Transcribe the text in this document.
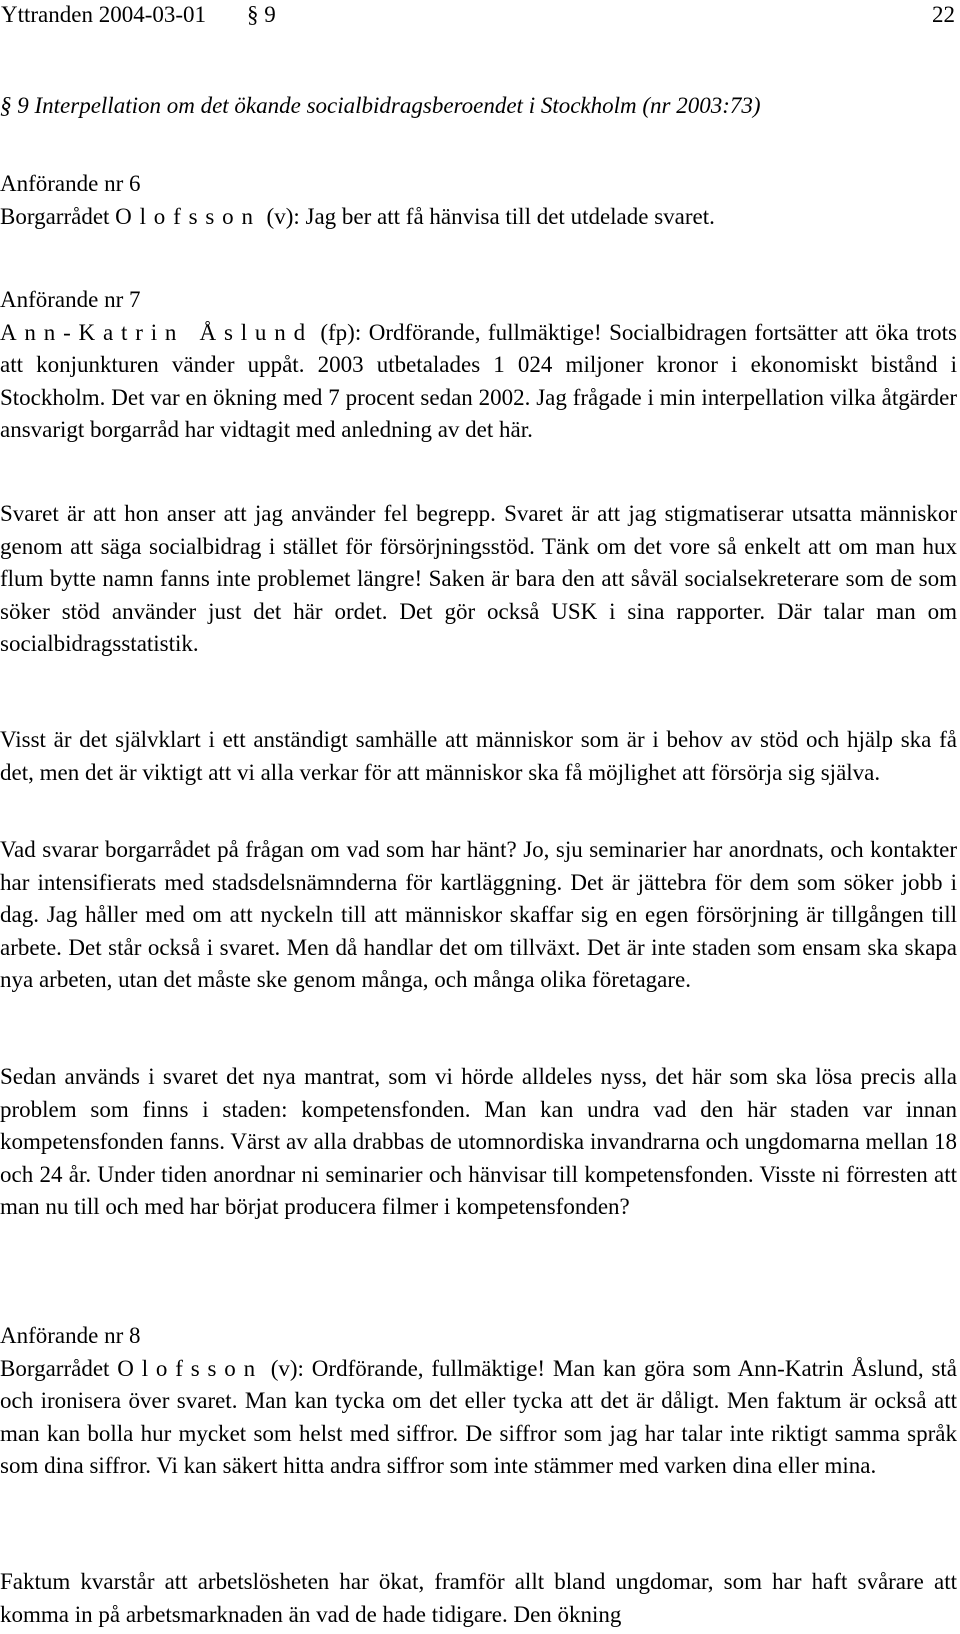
Yttranden 2004-03-01 § 9	22
§ 9 Interpellation om det ökande socialbidragsberoendet i Stockholm (nr 2003:73)

Anförande nr 6

Borgarrådet Olofsson (v): Jag ber att få hänvisa till det utdelade svaret.

Anförande nr 7

Ann-Katrin Åslund (fp): Ordförande, fullmäktige! Socialbidragen fortsätter att öka trots att konjunkturen vänder uppåt. 2003 utbetalades 1 024 miljoner kronor i ekonomiskt bistånd i Stockholm. Det var en ökning med 7 procent sedan 2002. Jag frågade i min interpellation vilka åtgärder ansvarigt borgarråd har vidtagit med anledning av det här.

Svaret är att hon anser att jag använder fel begrepp. Svaret är att jag stigmatiserar utsatta människor genom att säga socialbidrag i stället för försörjningsstöd. Tänk om det vore så enkelt att om man hux flum bytte namn fanns inte problemet längre! Saken är bara den att såväl socialsekreterare som de som söker stöd använder just det här ordet. Det gör också USK i sina rapporter. Där talar man om socialbidragsstatistik.
Visst är det självklart i ett anständigt samhälle att människor som är i behov av stöd och hjälp ska få det, men det är viktigt att vi alla verkar för att människor ska få möjlighet att försörja sig själva.
Vad svarar borgarrådet på frågan om vad som har hänt? Jo, sju seminarier har anordnats, och kontakter har intensifierats med stadsdelsnämnderna för kartläggning. Det är jättebra för dem som söker jobb i dag. Jag håller med om att nyckeln till att människor skaffar sig en egen försörjning är tillgången till arbete. Det står också i svaret. Men då handlar det om tillväxt. Det är inte staden som ensam ska skapa nya arbeten, utan det måste ske genom många, och många olika företagare.
Sedan används i svaret det nya mantrat, som vi hörde alldeles nyss, det här som ska lösa precis alla problem som finns i staden: kompetensfonden. Man kan undra vad den här staden var innan kompetensfonden fanns. Värst av alla drabbas de utomnordiska invandrarna och ungdomarna mellan 18 och 24 år. Under tiden anordnar ni seminarier och hänvisar till kompetensfonden. Visste ni förresten att man nu till och med har börjat producera filmer i kompetensfonden?

Anförande nr 8

Borgarrådet Olofsson (v): Ordförande, fullmäktige! Man kan göra som Ann-Katrin Åslund, stå och ironisera över svaret. Man kan tycka om det eller tycka att det är dåligt. Men faktum är också att man kan bolla hur mycket som helst med siffror. De siffror som jag har talar inte riktigt samma språk som dina siffror. Vi kan säkert hitta andra siffror som inte stämmer med varken dina eller mina.

Faktum kvarstår att arbetslösheten har ökat, framför allt bland ungdomar, som har haft svårare att komma in på arbetsmarknaden än vad de hade tidigare. Den ökning
